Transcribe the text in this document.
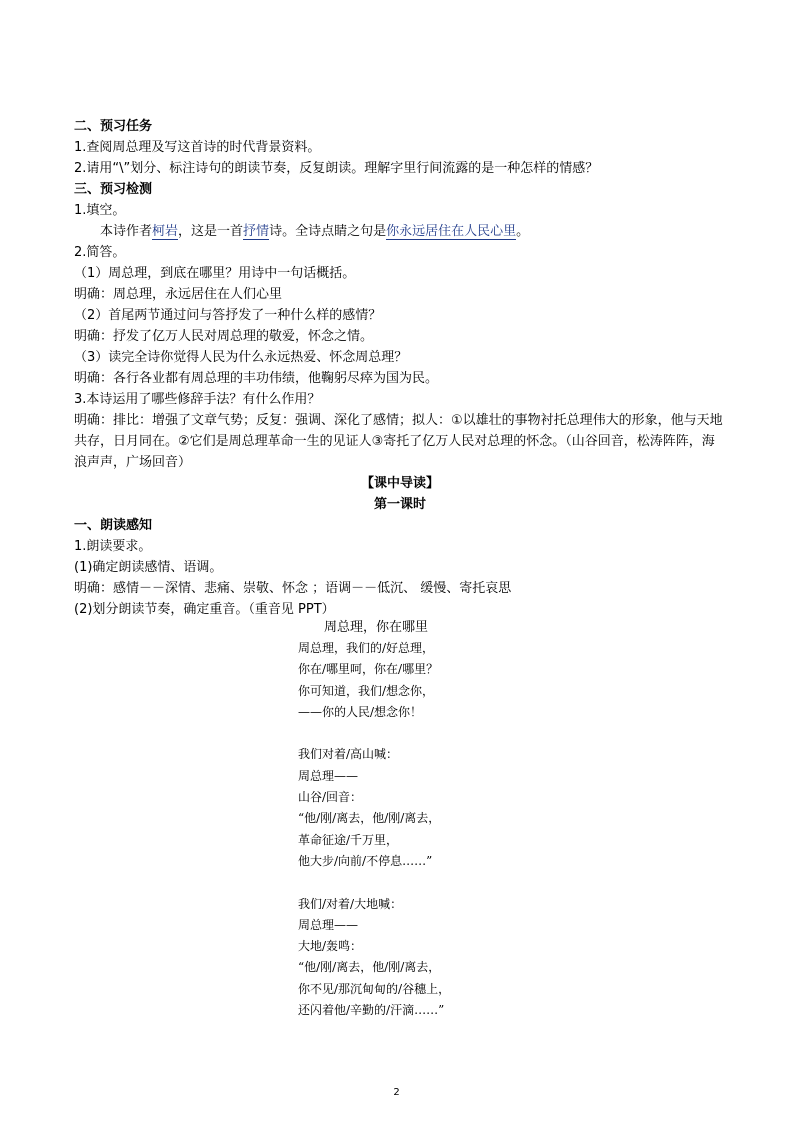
二、预习任务
1.查阅周总理及写这首诗的时代背景资料。
2.请用“\”划分、标注诗句的朗读节奏，反复朗读。理解字里行间流露的是一种怎样的情感？
三、预习检测
1.填空。
本诗作者柯岩，这是一首抒情诗。全诗点睛之句是你永远居住在人民心里。
2.简答。
（1）周总理，到底在哪里？用诗中一句话概括。
明确：周总理，永远居住在人们心里
（2）首尾两节通过问与答抒发了一种什么样的感情？
明确：抒发了亿万人民对周总理的敬爱，怀念之情。
（3）读完全诗你觉得人民为什么永远热爱、怀念周总理？
明确：各行各业都有周总理的丰功伟绩，他鞠躬尽瘁为国为民。
3.本诗运用了哪些修辞手法？有什么作用？
明确：排比：增强了文章气势；反复：强调、深化了感情；拟人：①以雄壮的事物衬托总理伟大的形象，他与天地共存，日月同在。②它们是周总理革命一生的见证人③寄托了亿万人民对总理的怀念。（山谷回音，松涛阵阵，海浪声声，广场回音）
【课中导读】
第一课时
一、朗读感知
1.朗读要求。
(1)确定朗读感情、语调。
明确：感情－－深情、悲痛、崇敬、怀念 ；语调－－低沉、 缓慢、寄托哀思
(2)划分朗读节奏，确定重音。（重音见 PPT）
周总理，你在哪里
周总理，我们的/好总理，
你在/哪里呵，你在/哪里？
你可知道，我们/想念你，
——你的人民/想念你！
我们对着/高山喊：
周总理——
山谷/回音：
“他/刚/离去，他/刚/离去，
革命征途/千万里，
他大步/向前/不停息……”
我们/对着/大地喊：
周总理——
大地/轰鸣：
“他/刚/离去，他/刚/离去，
你不见/那沉甸甸的/谷穗上，
还闪着他/辛勤的/汗滴……”
2
